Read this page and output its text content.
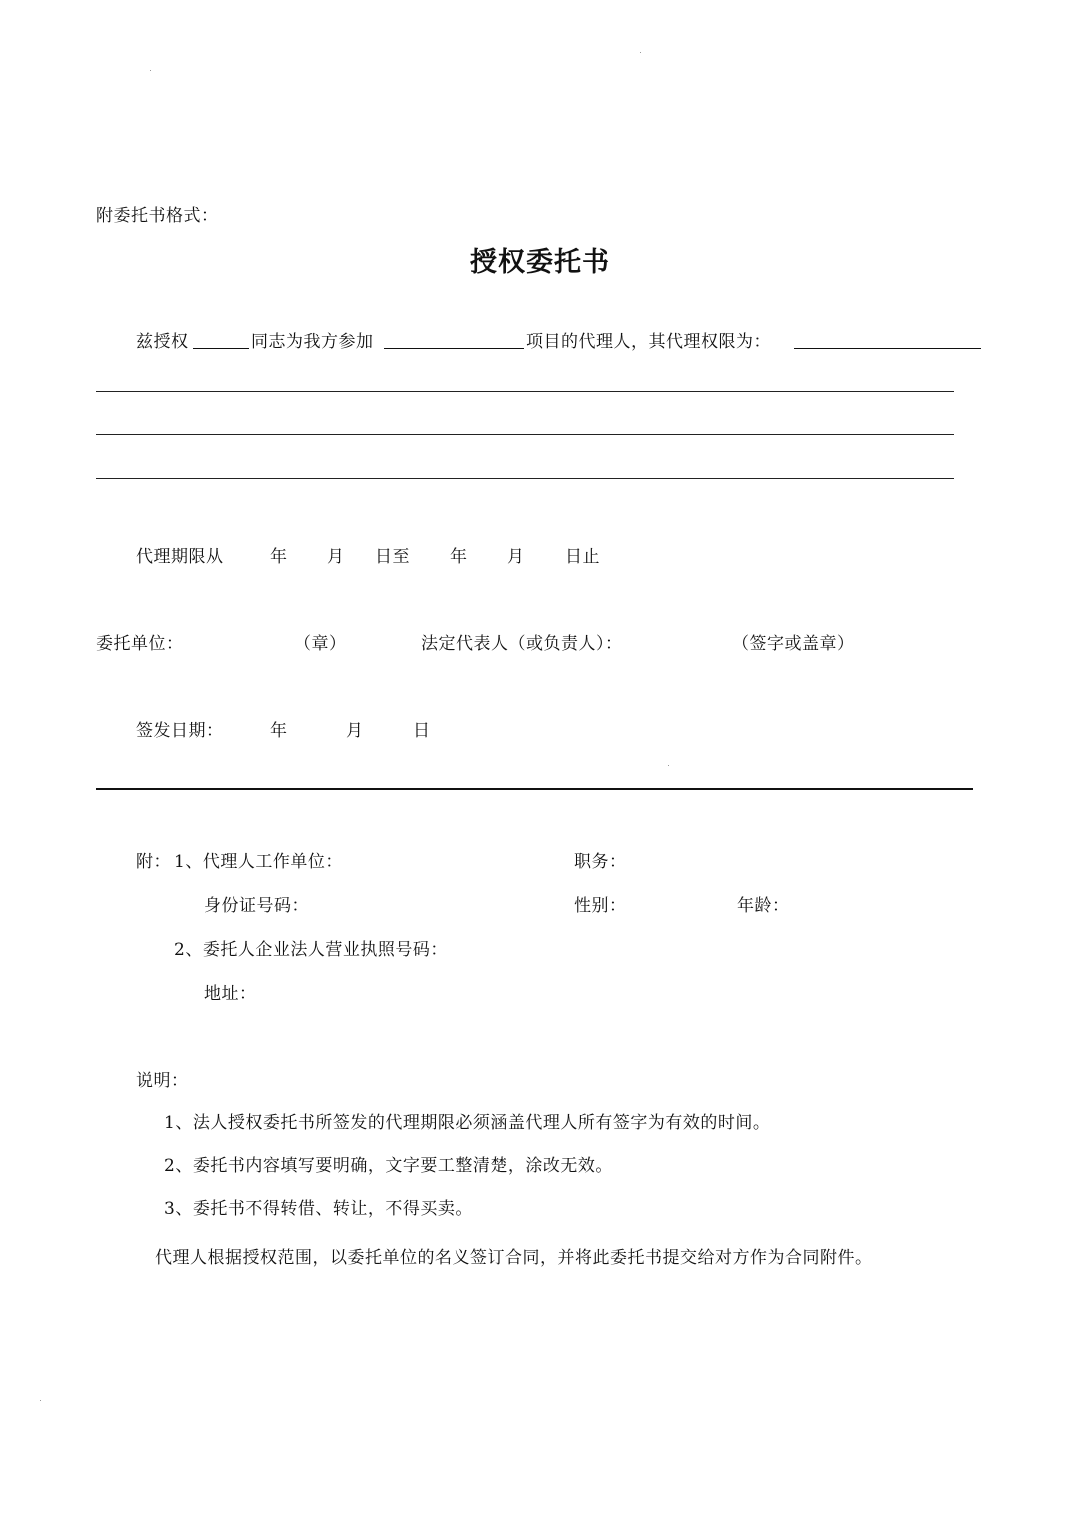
附委托书格式：
授权委托书
兹授权	同志为我方参加	项目的代理人，其代理权限为：
代理期限从	年 月 日至 年 月 日止
委托单位：	（章）	法定代表人（或负责人）：	（签字或盖章）
签发日期：	年	月	日
附： 1、代理人工作单位：	职务：
身份证号码：	性别：	年龄：
2、委托人企业法人营业执照号码：
地址：
说明：
1、法人授权委托书所签发的代理期限必须涵盖代理人所有签字为有效的时间。
2、委托书内容填写要明确，文字要工整清楚，涂改无效。
3、委托书不得转借、转让，不得买卖。
代理人根据授权范围，以委托单位的名义签订合同，并将此委托书提交给对方作为合同附件。
